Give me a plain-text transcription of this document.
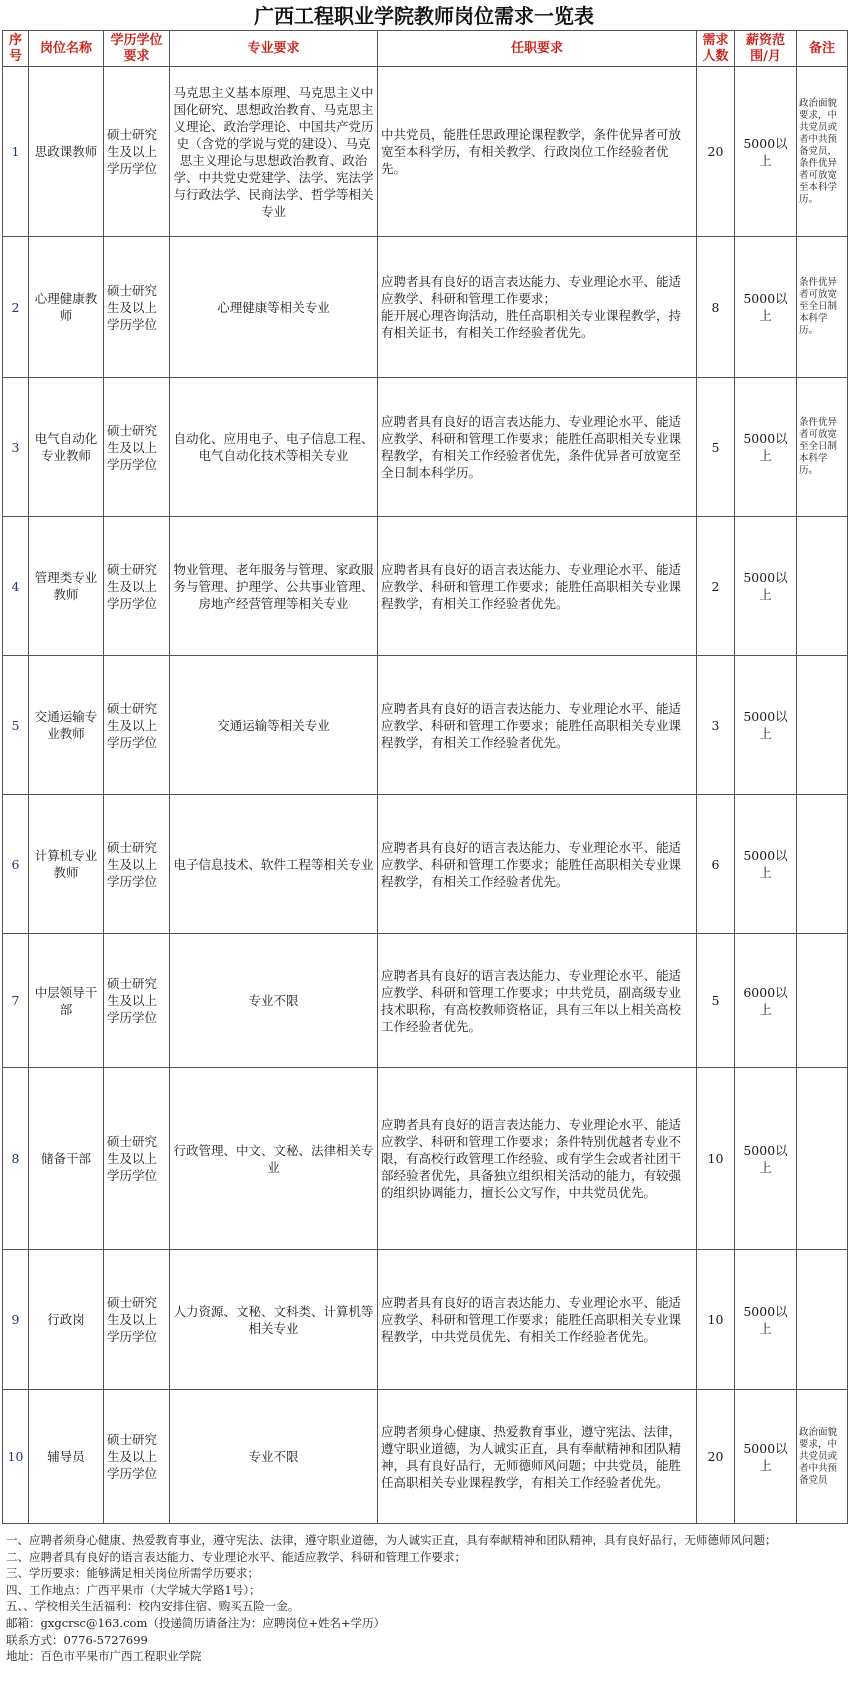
广西工程职业学院教师岗位需求一览表
序号	岗位名称	学历学位要求	专业要求	任职要求	需求人数	薪资范围/月	备注
1	思政课教师	硕士研究生及以上学历学位	马克思主义基本原理、马克思主义中国化研究、思想政治教育、马克思主义理论、政治学理论、中国共产党历史（含党的学说与党的建设）、马克思主义理论与思想政治教育、政治学、中共党史党建学、法学、宪法学与行政法学、民商法学、哲学等相关专业	中共党员，能胜任思政理论课程教学，条件优异者可放宽至本科学历，有相关教学、行政岗位工作经验者优先。	20	5000以上	政治面貌要求，中共党员或者中共预备党员，条件优异者可放宽至本科学历。
2	心理健康教师	硕士研究生及以上学历学位	心理健康等相关专业	应聘者具有良好的语言表达能力、专业理论水平、能适应教学、科研和管理工作要求；
能开展心理咨询活动，胜任高职相关专业课程教学，持有相关证书，有相关工作经验者优先。	8	5000以上	条件优异者可放宽至全日制本科学历。
3	电气自动化专业教师	硕士研究生及以上学历学位	自动化、应用电子、电子信息工程、电气自动化技术等相关专业	应聘者具有良好的语言表达能力、专业理论水平、能适应教学、科研和管理工作要求；能胜任高职相关专业课程教学，有相关工作经验者优先，条件优异者可放宽至全日制本科学历。	5	5000以上	条件优异者可放宽至全日制本科学历。
4	管理类专业教师	硕士研究生及以上学历学位	物业管理、老年服务与管理、家政服务与管理、护理学、公共事业管理、房地产经营管理等相关专业	应聘者具有良好的语言表达能力、专业理论水平、能适应教学、科研和管理工作要求；能胜任高职相关专业课程教学，有相关工作经验者优先。	2	5000以上	
5	交通运输专业教师	硕士研究生及以上学历学位	交通运输等相关专业	应聘者具有良好的语言表达能力、专业理论水平、能适应教学、科研和管理工作要求；能胜任高职相关专业课程教学，有相关工作经验者优先。	3	5000以上	
6	计算机专业教师	硕士研究生及以上学历学位	电子信息技术、软件工程等相关专业	应聘者具有良好的语言表达能力、专业理论水平、能适应教学、科研和管理工作要求；能胜任高职相关专业课程教学，有相关工作经验者优先。	6	5000以上	
7	中层领导干部	硕士研究生及以上学历学位	专业不限	应聘者具有良好的语言表达能力、专业理论水平、能适应教学、科研和管理工作要求；中共党员，副高级专业技术职称，有高校教师资格证，具有三年以上相关高校工作经验者优先。	5	6000以上	
8	储备干部	硕士研究生及以上学历学位	行政管理、中文、文秘、法律相关专业	应聘者具有良好的语言表达能力、专业理论水平、能适应教学、科研和管理工作要求；条件特别优越者专业不限，有高校行政管理工作经验、或有学生会或者社团干部经验者优先，具备独立组织相关活动的能力，有较强的组织协调能力，擅长公文写作，中共党员优先。	10	5000以上	
9	行政岗	硕士研究生及以上学历学位	人力资源、文秘、文科类、计算机等相关专业	应聘者具有良好的语言表达能力、专业理论水平、能适应教学、科研和管理工作要求；能胜任高职相关专业课程教学，中共党员优先、有相关工作经验者优先。	10	5000以上	
10	辅导员	硕士研究生及以上学历学位	专业不限	应聘者须身心健康、热爱教育事业，遵守宪法、法律，遵守职业道德，为人诚实正直，具有奉献精神和团队精神，具有良好品行，无师德师风问题；中共党员，能胜任高职相关专业课程教学，有相关工作经验者优先。	20	5000以上	政治面貌要求，中共党员或者中共预备党员
一、应聘者须身心健康、热爱教育事业，遵守宪法、法律，遵守职业道德，为人诚实正直，具有奉献精神和团队精神，具有良好品行，无师德师风问题；
二、应聘者具有良好的语言表达能力、专业理论水平、能适应教学、科研和管理工作要求；
三、学历要求：能够满足相关岗位所需学历要求；
四、工作地点：广西平果市（大学城大学路1号）；
五、、学校相关生活福利：校内安排住宿、购买五险一金。
邮箱：gxgcrsc@163.com（投递简历请备注为：应聘岗位+姓名+学历）
联系方式：0776-5727699
地址：百色市平果市广西工程职业学院
